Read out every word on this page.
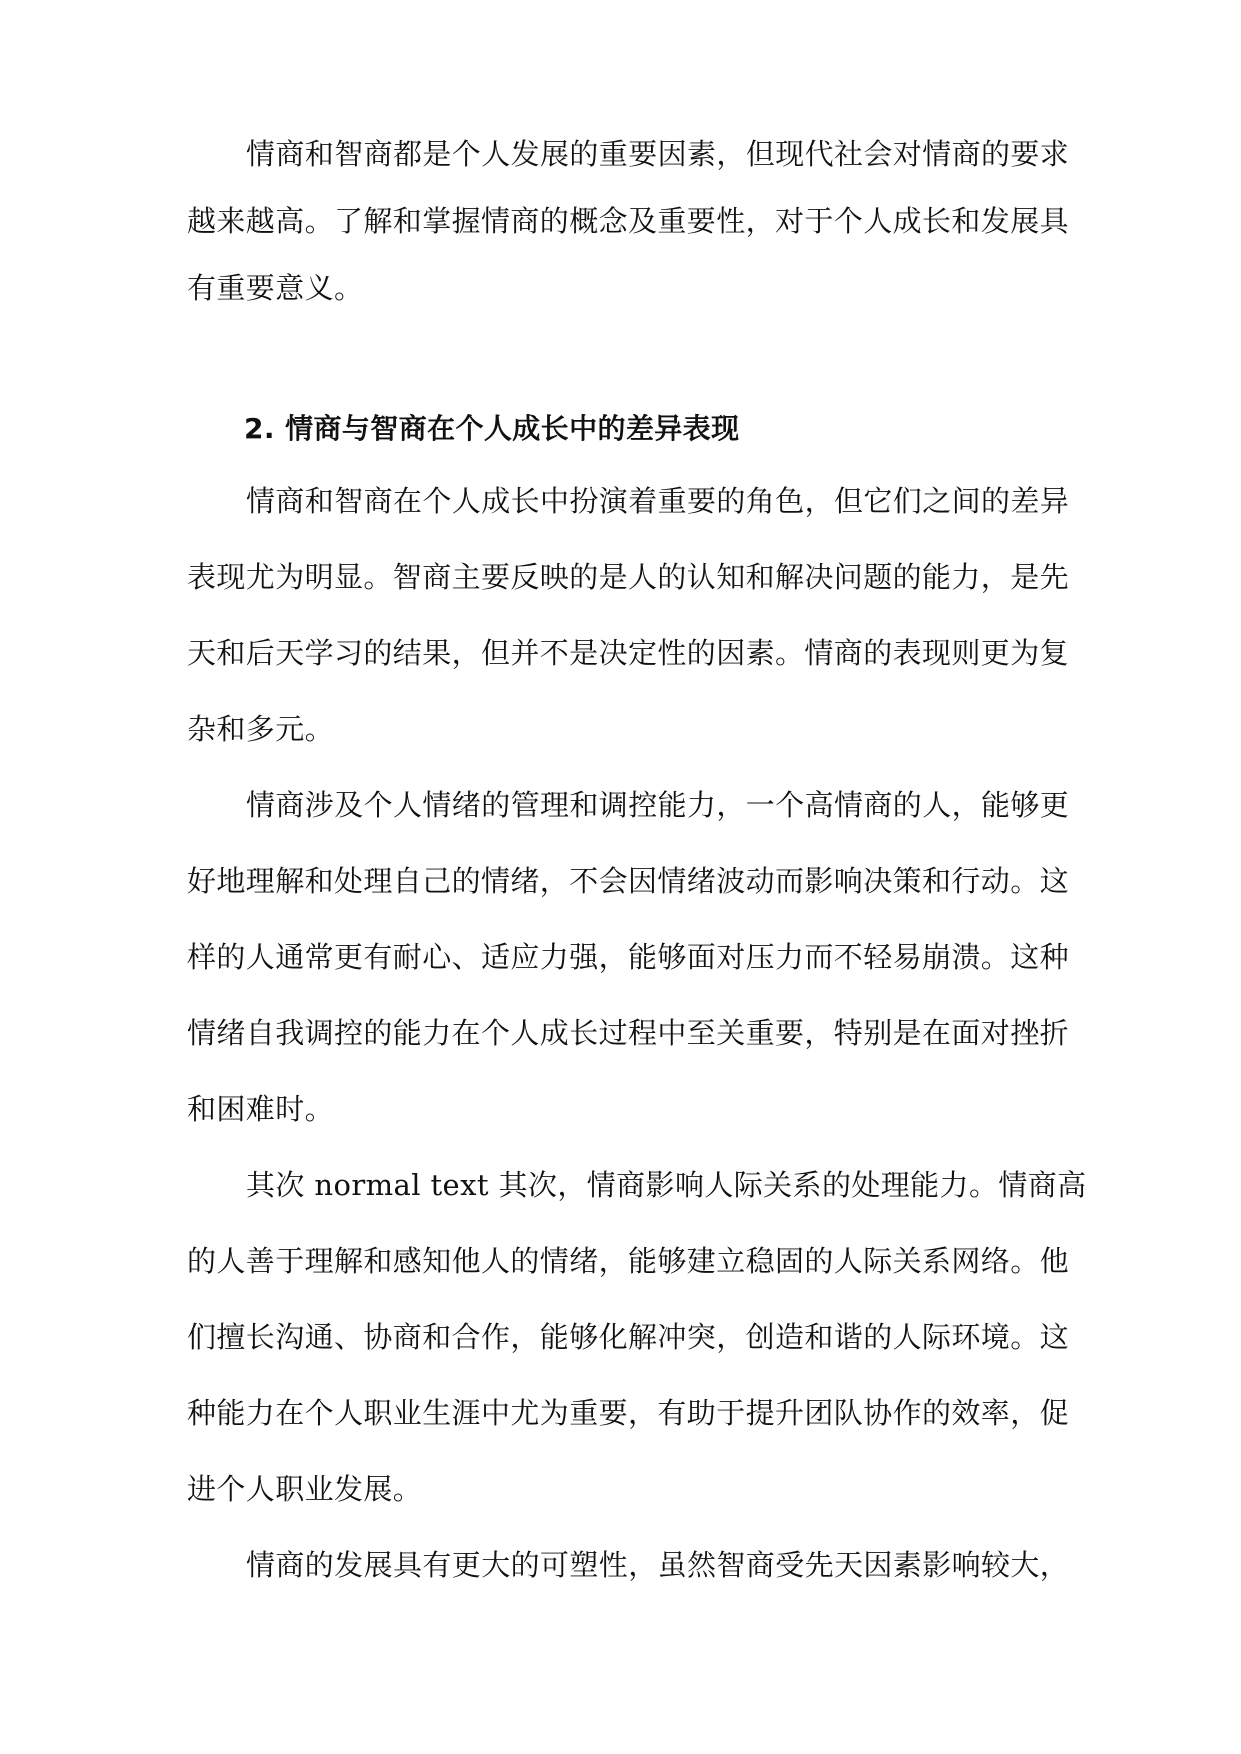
情商和智商都是个人发展的重要因素，但现代社会对情商的要求
越来越高。了解和掌握情商的概念及重要性，对于个人成长和发展具
有重要意义。
2. 情商与智商在个人成长中的差异表现
情商和智商在个人成长中扮演着重要的角色，但它们之间的差异
表现尤为明显。智商主要反映的是人的认知和解决问题的能力，是先
天和后天学习的结果，但并不是决定性的因素。情商的表现则更为复
杂和多元。
情商涉及个人情绪的管理和调控能力，一个高情商的人，能够更
好地理解和处理自己的情绪，不会因情绪波动而影响决策和行动。这
样的人通常更有耐心、适应力强，能够面对压力而不轻易崩溃。这种
情绪自我调控的能力在个人成长过程中至关重要，特别是在面对挫折
和困难时。
其次 normal text 其次，情商影响人际关系的处理能力。情商高
的人善于理解和感知他人的情绪，能够建立稳固的人际关系网络。他
们擅长沟通、协商和合作，能够化解冲突，创造和谐的人际环境。这
种能力在个人职业生涯中尤为重要，有助于提升团队协作的效率，促
进个人职业发展。
情商的发展具有更大的可塑性，虽然智商受先天因素影响较大，
